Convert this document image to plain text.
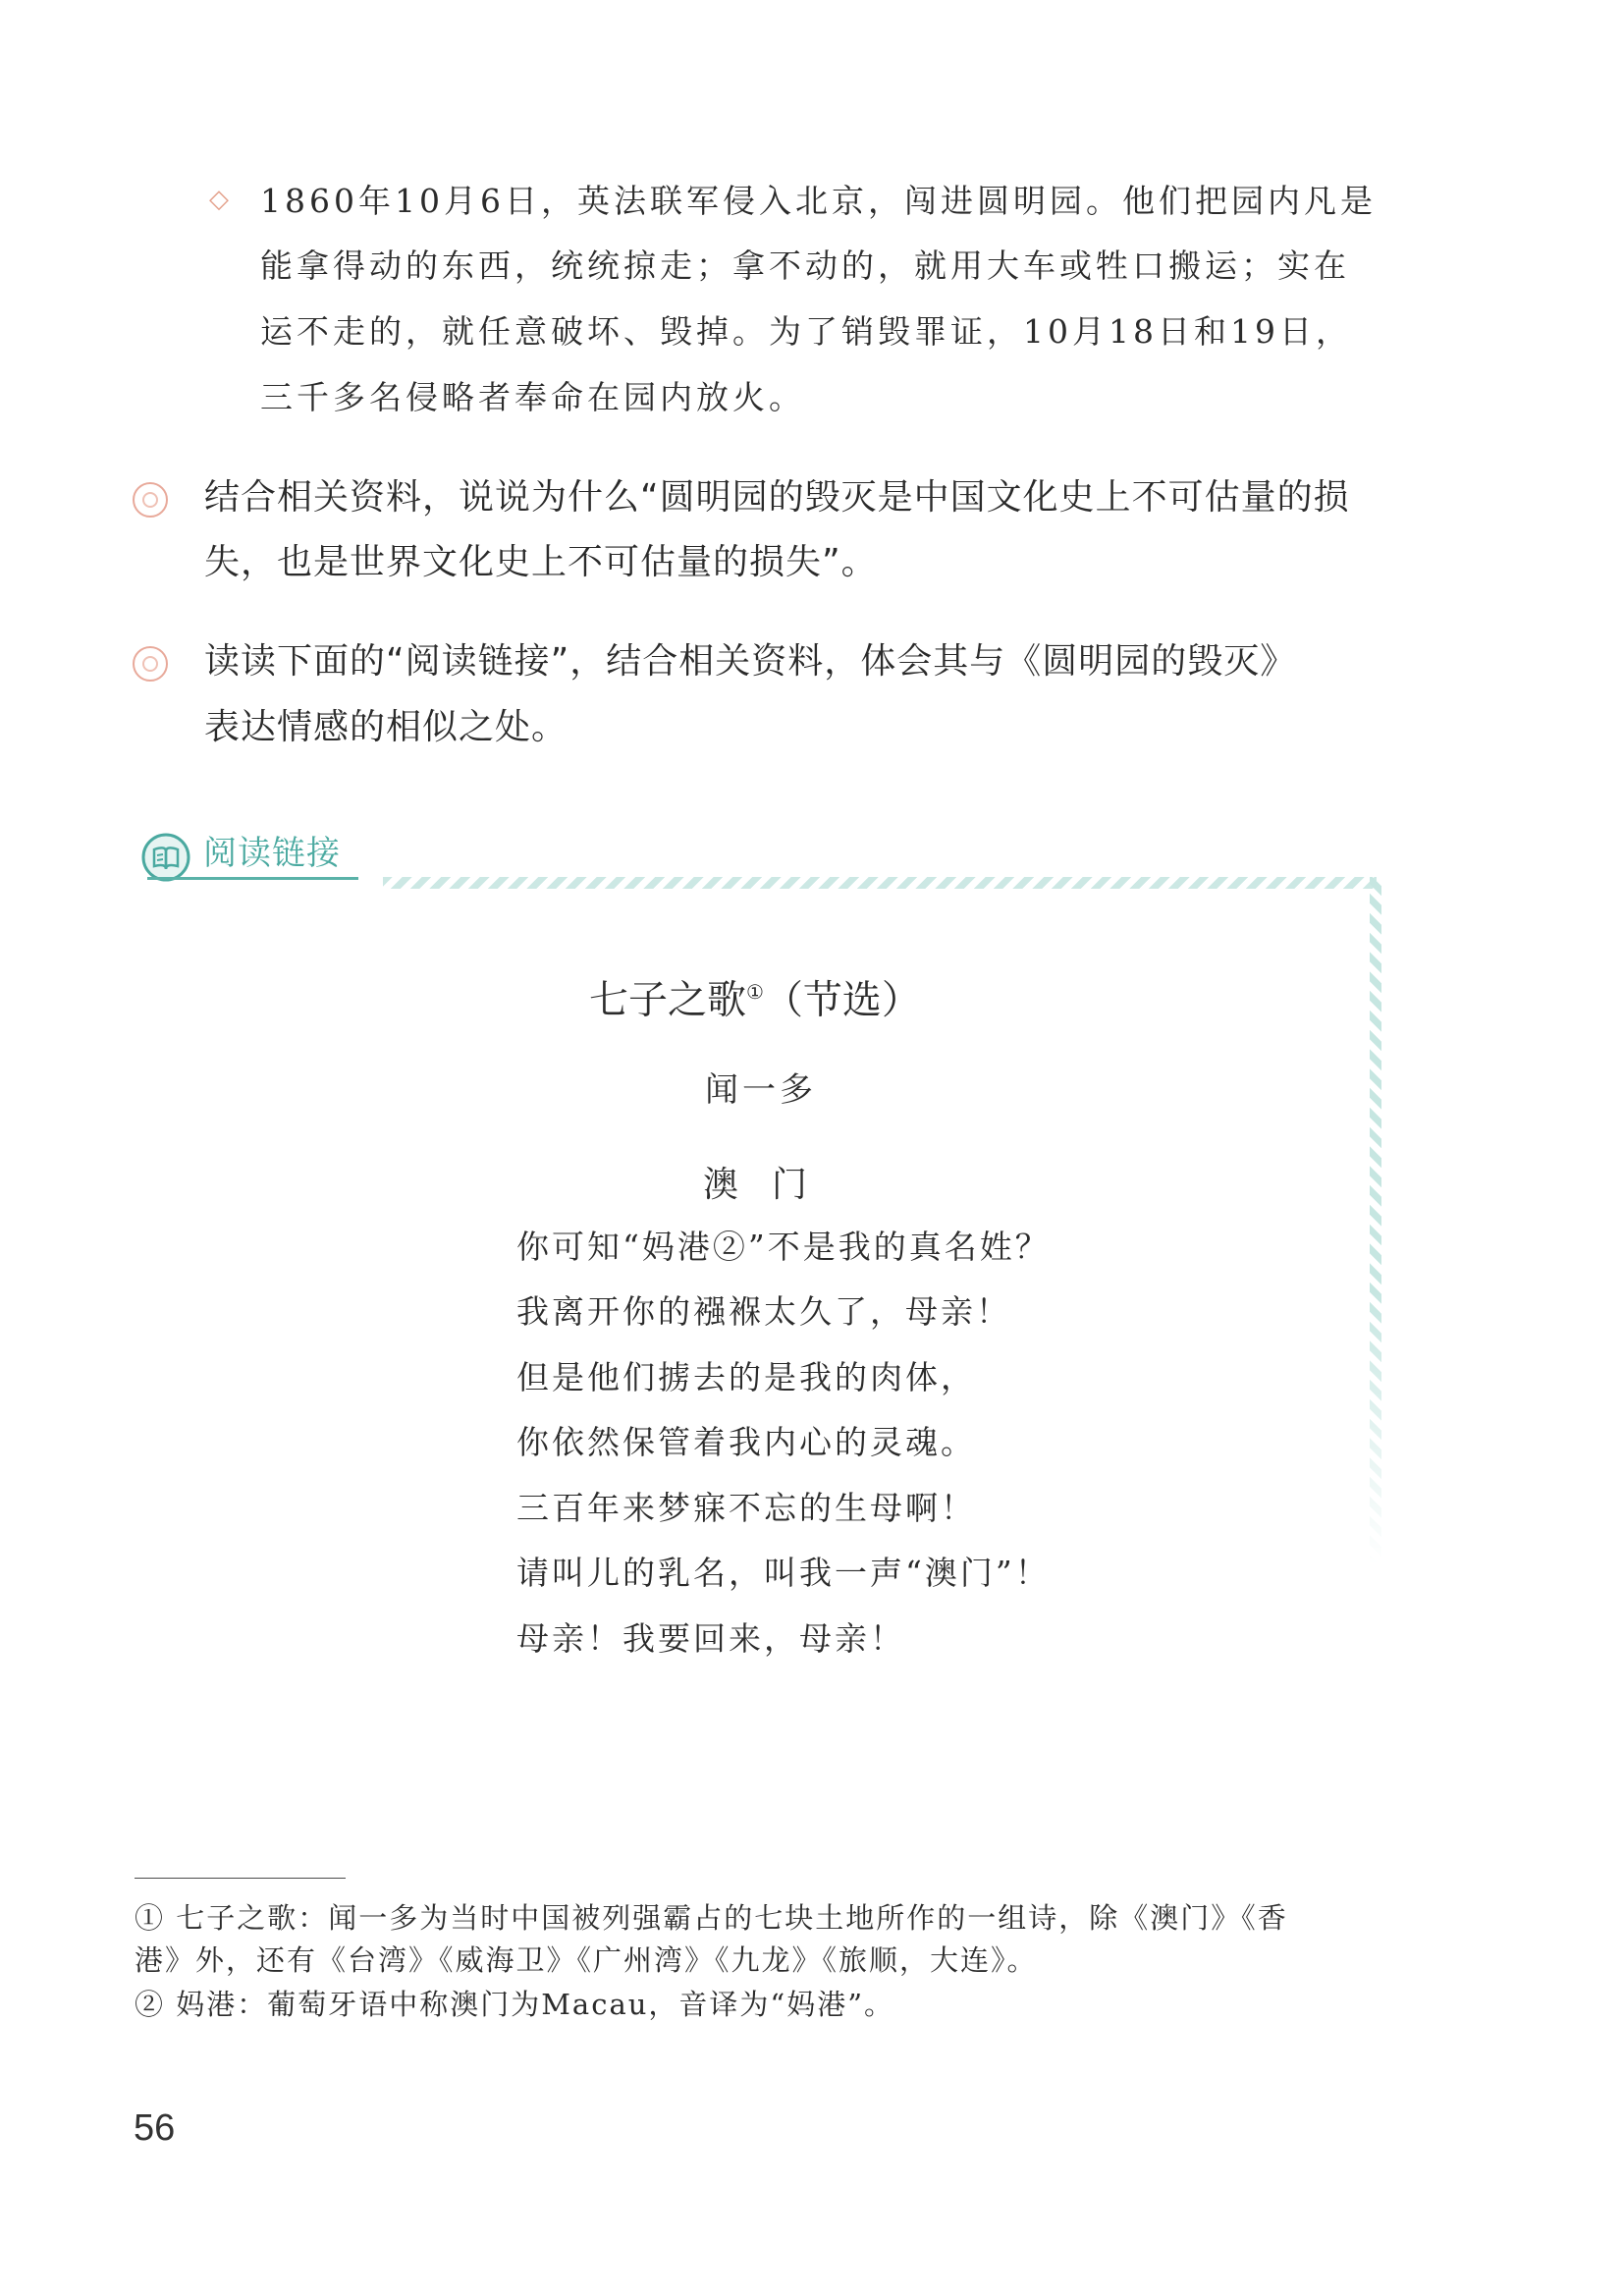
◇ 1860年10月6日，英法联军侵入北京，闯进圆明园。他们把园内凡是
能拿得动的东西，统统掠走；拿不动的，就用大车或牲口搬运；实在
运不走的，就任意破坏、毁掉。为了销毁罪证，10月18日和19日，
三千多名侵略者奉命在园内放火。
结合相关资料，说说为什么“圆明园的毁灭是中国文化史上不可估量的损
失，也是世界文化史上不可估量的损失”。
读读下面的“阅读链接”，结合相关资料，体会其与《圆明园的毁灭》
表达情感的相似之处。
阅读链接
七子之歌①（节选）
闻一多
澳门
你可知“妈港②”不是我的真名姓？
我离开你的襁褓太久了，母亲！
但是他们掳去的是我的肉体，
你依然保管着我内心的灵魂。
三百年来梦寐不忘的生母啊！
请叫儿的乳名，叫我一声“澳门”！
母亲！我要回来，母亲！
① 七子之歌：闻一多为当时中国被列强霸占的七块土地所作的一组诗，除《澳门》《香
港》外，还有《台湾》《威海卫》《广州湾》《九龙》《旅顺，大连》。
② 妈港：葡萄牙语中称澳门为Macau，音译为“妈港”。
56
